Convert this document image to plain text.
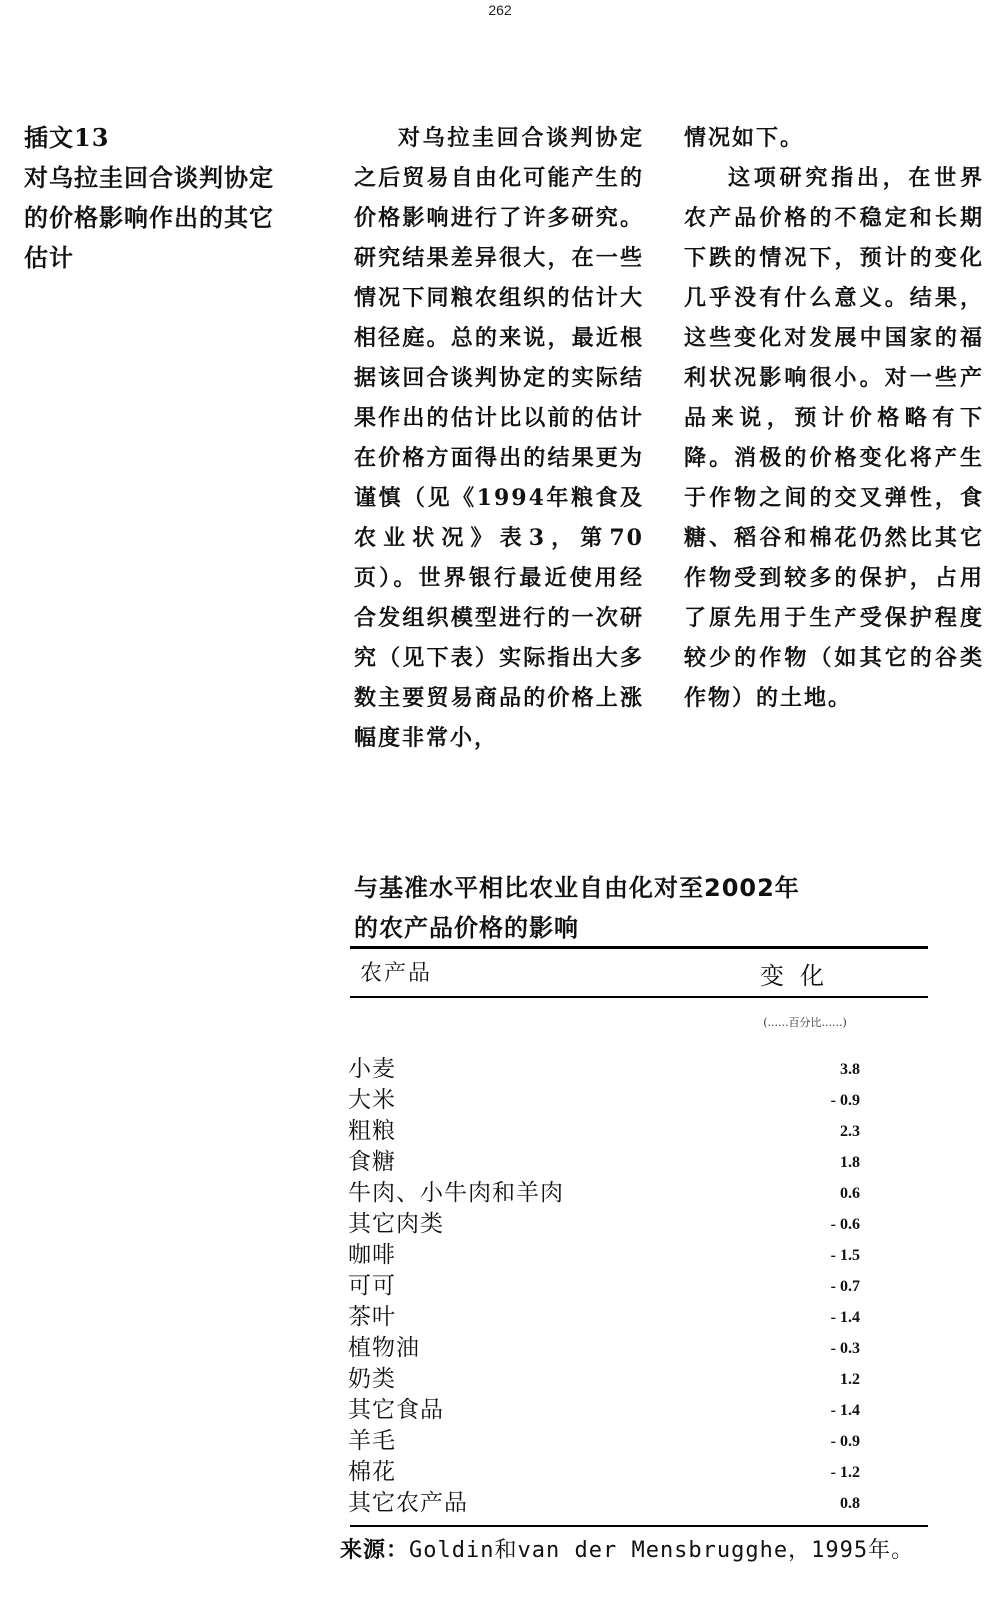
262
插文13
对乌拉圭回合谈判协定
的价格影响作出的其它
估计

对乌拉圭回合谈判协定之后贸易自由化可能产生的价格影响进行了许多研究。研究结果差异很大，在一些情况下同粮农组织的估计大相径庭。总的来说，最近根据该回合谈判协定的实际结果作出的估计比以前的估计在价格方面得出的结果更为谨慎（见《1994年粮食及农业状况》表3，第70页）。世界银行最近使用经合发组织模型进行的一次研究（见下表）实际指出大多数主要贸易商品的价格上涨幅度非常小，

情况如下。

这项研究指出，在世界农产品价格的不稳定和长期下跌的情况下，预计的变化几乎没有什么意义。结果，这些变化对发展中国家的福利状况影响很小。对一些产品来说，预计价格略有下降。消极的价格变化将产生于作物之间的交叉弹性，食糖、稻谷和棉花仍然比其它作物受到较多的保护，占用了原先用于生产受保护程度较少的作物（如其它的谷类作物）的土地。

与基准水平相比农业自由化对至2002年
的农产品价格的影响
农产品	变化
(......百分比......)
小麦	3.8
大米	- 0.9
粗粮	2.3
食糖	1.8
牛肉、小牛肉和羊肉	0.6
其它肉类	- 0.6
咖啡	- 1.5
可可	- 0.7
茶叶	- 1.4
植物油	- 0.3
奶类	1.2
其它食品	- 1.4
羊毛	- 0.9
棉花	- 1.2
其它农产品	0.8
来源：Goldin和van der Mensbrugghe，1995年。
